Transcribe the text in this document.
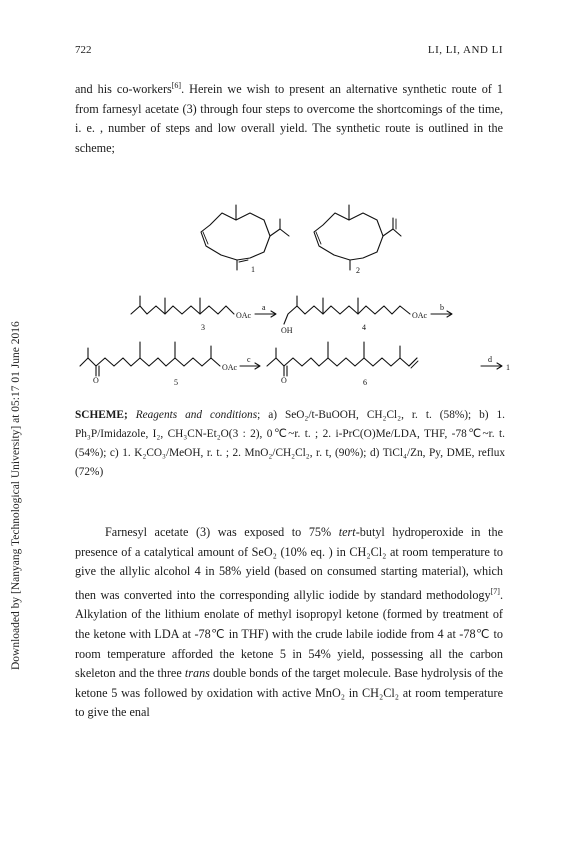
Downloaded by [Nanyang Technological University] at 05:17 01 June 2016
722	LI, LI, AND LI

and his co-workers[6]. Herein we wish to present an alternative synthetic route of 1 from farnesyl acetate (3) through four steps to overcome the shortcomings of the time, i. e. , number of steps and low overall yield. The synthetic route is outlined in the scheme;

1	2
OAc
3
a
OH
OAc
4
b
O
OAc
5
c
O	6
d
1

SCHEME; Reagents and conditions; a) SeO₂/t-BuOOH, CH₂Cl₂, r. t. (58%); b) 1. Ph₃P/Imidazole, I₂, CH₃CN-Et₂O(3 : 2), 0℃~r. t. ; 2. i-PrC(O)Me/LDA, THF, -78℃~r. t. (54%); c) 1. K₂CO₃/MeOH, r. t. ; 2. MnO₂/CH₂Cl₂, r. t, (90%); d) TiCl₄/Zn, Py, DME, reflux (72%)

Farnesyl acetate (3) was exposed to 75% tert-butyl hydroperoxide in the presence of a catalytical amount of SeO₂ (10% eq. ) in CH₂Cl₂ at room temperature to give the allylic alcohol 4 in 58% yield (based on consumed starting material), which then was converted into the corresponding allylic iodide by standard methodology[7]. Alkylation of the lithium enolate of methyl isopropyl ketone (formed by treatment of the ketone with LDA at -78℃ in THF) with the crude labile iodide from 4 at -78℃ to room temperature afforded the ketone 5 in 54% yield, possessing all the carbon skeleton and the three trans double bonds of the target molecule. Base hydrolysis of the ketone 5 was followed by oxidation with active MnO₂ in CH₂Cl₂ at room temperature to give the enal
